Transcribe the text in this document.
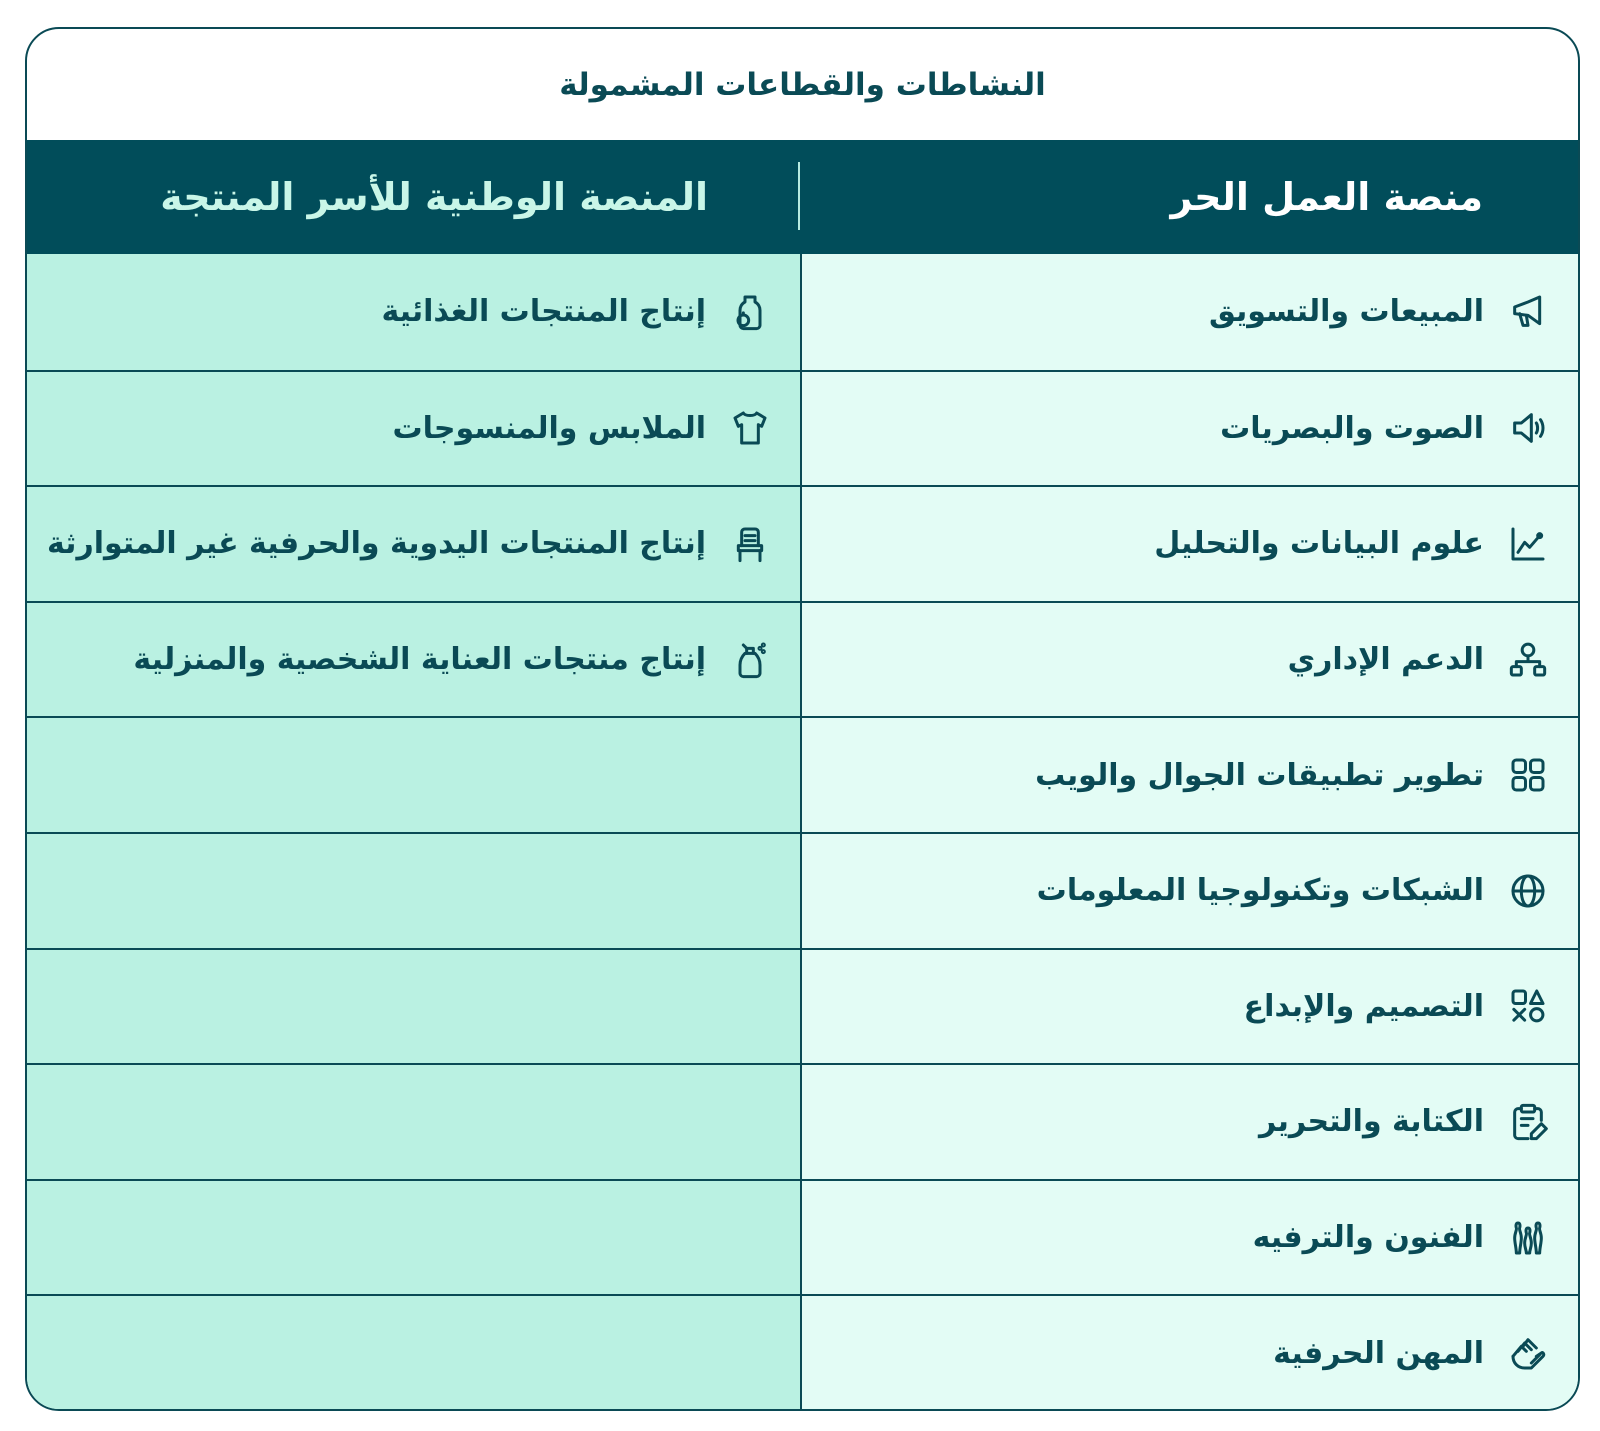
النشاطات والقطاعات المشمولة
منصة العمل الحر
المنصة الوطنية للأسر المنتجة
المبيعات والتسويق
إنتاج المنتجات الغذائية
الصوت والبصريات
الملابس والمنسوجات
علوم البيانات والتحليل
إنتاج المنتجات اليدوية والحرفية غير المتوارثة
الدعم الإداري
إنتاج منتجات العناية الشخصية والمنزلية
تطوير تطبيقات الجوال والويب
الشبكات وتكنولوجيا المعلومات
التصميم والإبداع
الكتابة والتحرير
الفنون والترفيه
المهن الحرفية
